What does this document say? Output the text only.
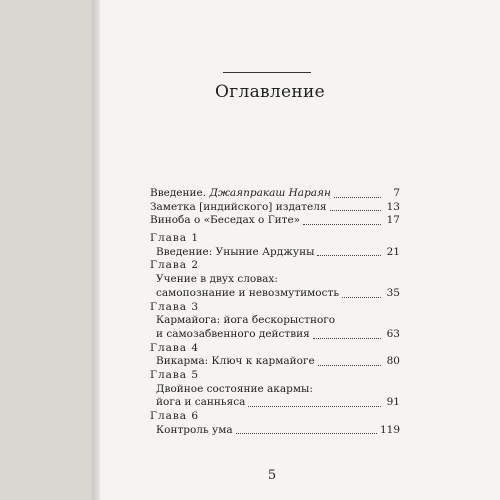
Оглавление
Введение. Джаяпракаш Наpаян	7
Заметка [индийского] издателя	13
Виноба о «Беседах о Гите»	17
Глава 1
Введение: Уныние Арджуны	21
Глава 2
Учение в двух словах:
самопознание и невозмутимость	35
Глава 3
Кармайога: йога бескорыстного
и самозабвенного действия	63
Глава 4
Викарма: Ключ к кармайоге	80
Глава 5
Двойное состояние акармы:
йога и санньяса	91
Глава 6
Контроль ума	119
5
